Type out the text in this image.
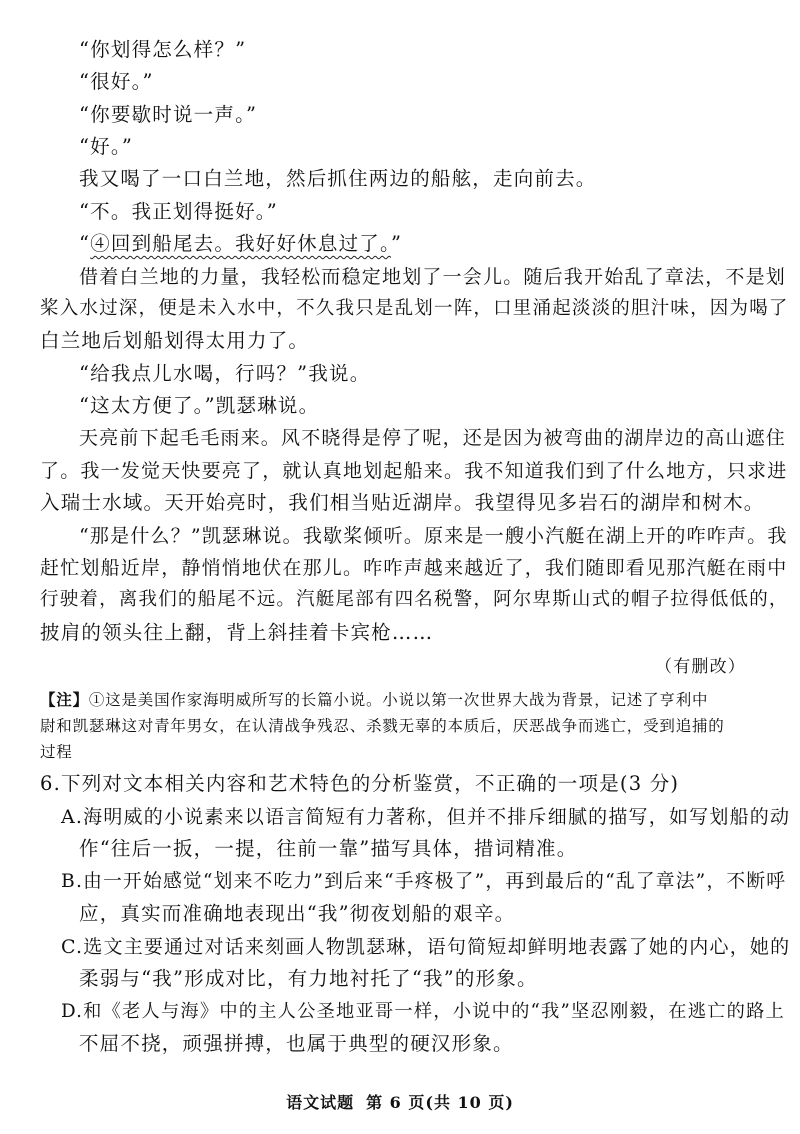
“你划得怎么样？”
“很好。”
“你要歇时说一声。”
“好。”
我又喝了一口白兰地，然后抓住两边的船舷，走向前去。
“不。我正划得挺好。”
“④回到船尾去。我好好休息过了。”
借着白兰地的力量，我轻松而稳定地划了一会儿。随后我开始乱了章法，不是划
桨入水过深，便是未入水中，不久我只是乱划一阵，口里涌起淡淡的胆汁味，因为喝了
白兰地后划船划得太用力了。
“给我点儿水喝，行吗？”我说。
“这太方便了。”凯瑟琳说。
天亮前下起毛毛雨来。风不晓得是停了呢，还是因为被弯曲的湖岸边的高山遮住
了。我一发觉天快要亮了，就认真地划起船来。我不知道我们到了什么地方，只求进
入瑞士水域。天开始亮时，我们相当贴近湖岸。我望得见多岩石的湖岸和树木。
“那是什么？”凯瑟琳说。我歇桨倾听。原来是一艘小汽艇在湖上开的咋咋声。我
赶忙划船近岸，静悄悄地伏在那儿。咋咋声越来越近了，我们随即看见那汽艇在雨中
行驶着，离我们的船尾不远。汽艇尾部有四名税警，阿尔卑斯山式的帽子拉得低低的，
披肩的领头往上翻，背上斜挂着卡宾枪……
（有删改）
【注】①这是美国作家海明威所写的长篇小说。小说以第一次世界大战为背景，记述了亨利中
尉和凯瑟琳这对青年男女，在认清战争残忍、杀戮无辜的本质后，厌恶战争而逃亡，受到追捕的
过程
6.下列对文本相关内容和艺术特色的分析鉴赏，不正确的一项是(3 分)
A.海明威的小说素来以语言简短有力著称，但并不排斥细腻的描写，如写划船的动
作“往后一扳，一提，往前一靠”描写具体，措词精准。
B.由一开始感觉“划来不吃力”到后来“手疼极了”，再到最后的“乱了章法”，不断呼
应，真实而准确地表现出“我”彻夜划船的艰辛。
C.选文主要通过对话来刻画人物凯瑟琳，语句简短却鲜明地表露了她的内心，她的
柔弱与“我”形成对比，有力地衬托了“我”的形象。
D.和《老人与海》中的主人公圣地亚哥一样，小说中的“我”坚忍刚毅，在逃亡的路上
不屈不挠，顽强拼搏，也属于典型的硬汉形象。
语文试题 第 6 页(共 10 页)
